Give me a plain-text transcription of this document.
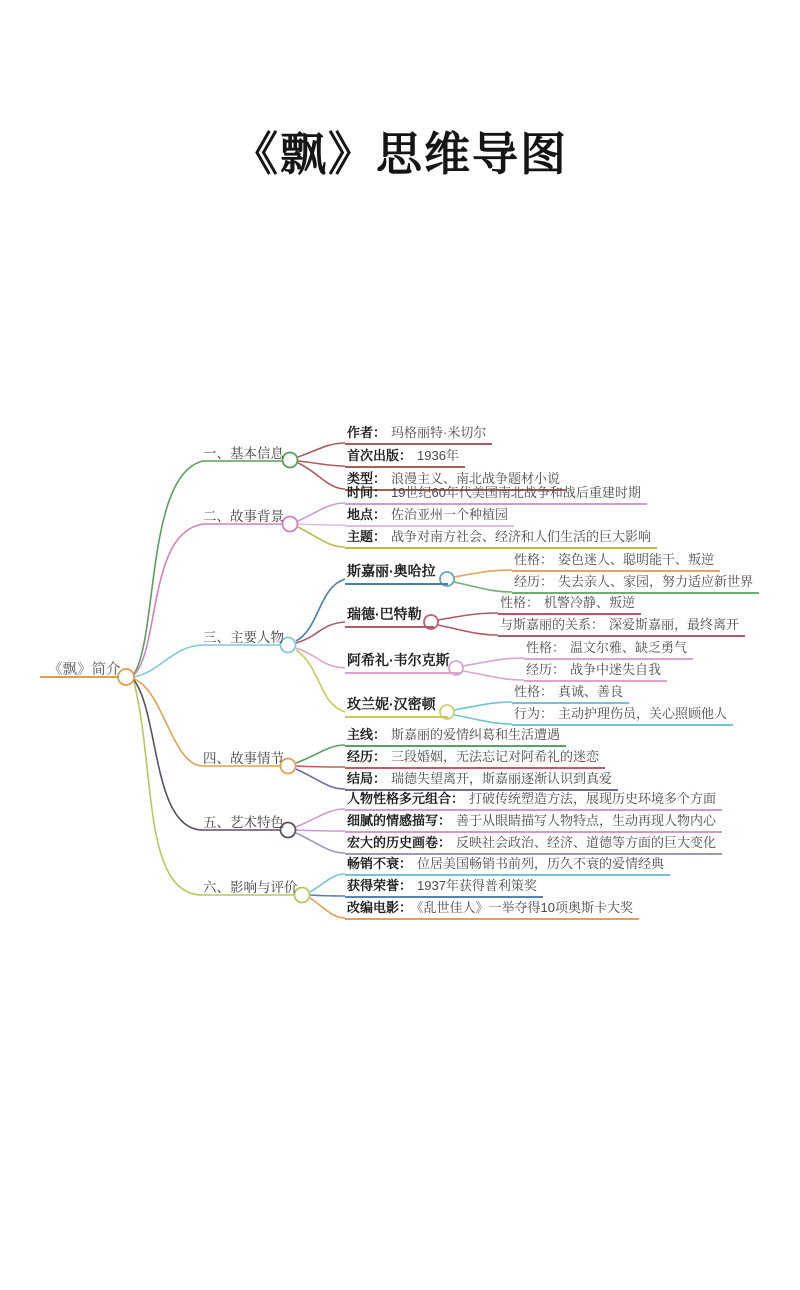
《飘》思维导图
《飘》简介
一、基本信息
二、故事背景
三、主要人物
四、故事情节
五、艺术特色
六、影响与评价
作者： 玛格丽特·米切尔
首次出版： 1936年
类型： 浪漫主义、南北战争题材小说
时间： 19世纪60年代美国南北战争和战后重建时期
地点： 佐治亚州一个种植园
主题： 战争对南方社会、经济和人们生活的巨大影响
斯嘉丽·奥哈拉
瑞德·巴特勒
阿希礼·韦尔克斯
玫兰妮·汉密顿
性格： 姿色迷人、聪明能干、叛逆
经历： 失去亲人、家园，努力适应新世界
性格： 机警冷静、叛逆
与斯嘉丽的关系： 深爱斯嘉丽，最终离开
性格： 温文尔雅、缺乏勇气
经历： 战争中迷失自我
性格： 真诚、善良
行为： 主动护理伤员，关心照顾他人
主线： 斯嘉丽的爱情纠葛和生活遭遇
经历： 三段婚姻，无法忘记对阿希礼的迷恋
结局： 瑞德失望离开，斯嘉丽逐渐认识到真爱
人物性格多元组合： 打破传统塑造方法，展现历史环境多个方面
细腻的情感描写： 善于从眼睛描写人物特点，生动再现人物内心
宏大的历史画卷： 反映社会政治、经济、道德等方面的巨大变化
畅销不衰： 位居美国畅销书前列，历久不衰的爱情经典
获得荣誉： 1937年获得普利策奖
改编电影： 《乱世佳人》一举夺得10项奥斯卡大奖
